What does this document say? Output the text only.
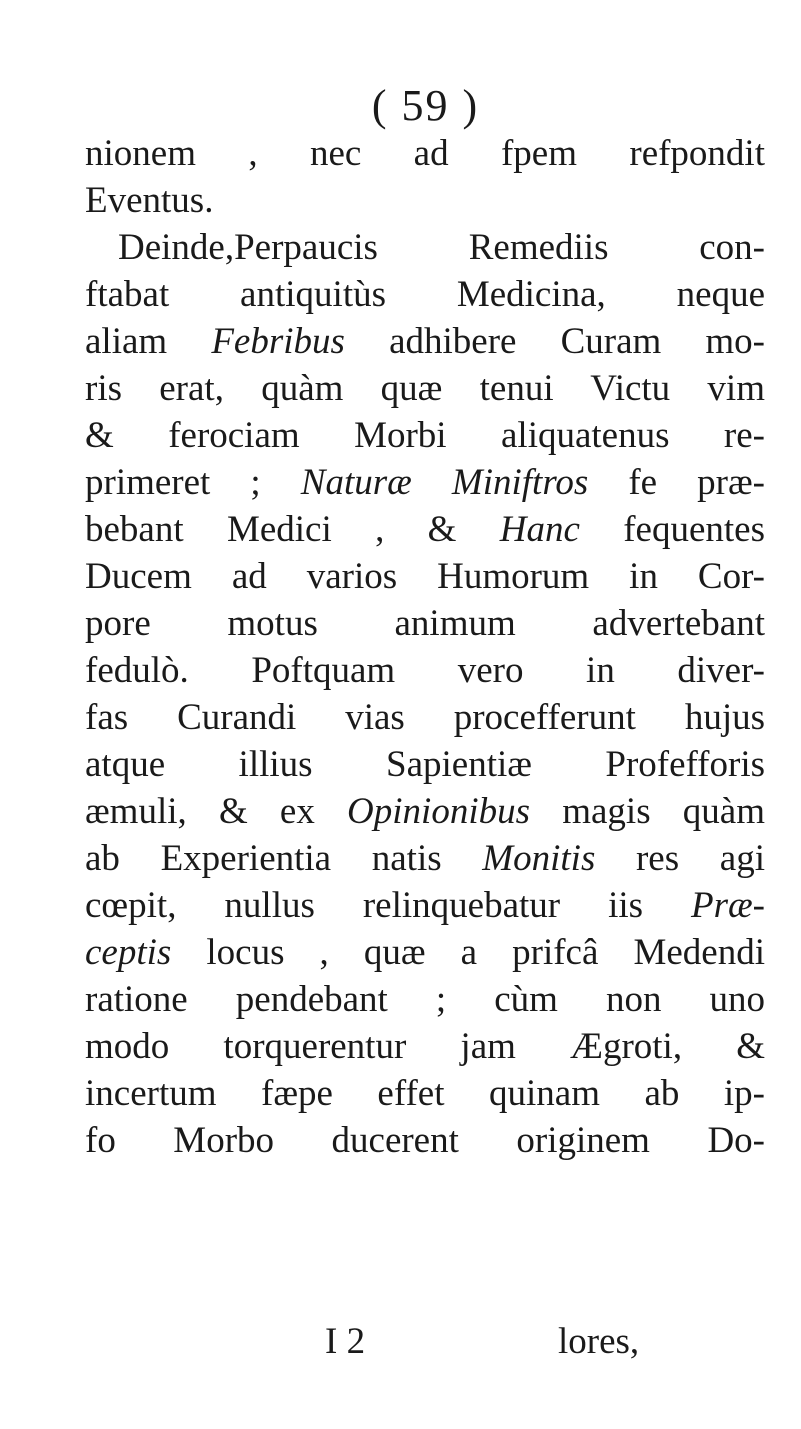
( 59 )
nionem , nec ad fpem refpondit
Eventus.
Deinde,Perpaucis Remediis con-
ftabat antiquitùs Medicina, neque
aliam Febribus adhibere Curam mo-
ris erat, quàm quæ tenui Victu vim
& ferociam Morbi aliquatenus re-
primeret ; Naturæ Miniftros fe præ-
bebant Medici , & Hanc fequentes
Ducem ad varios Humorum in Cor-
pore motus animum advertebant
fedulò. Poftquam vero in diver-
fas Curandi vias procefferunt hujus
atque illius Sapientiæ Profefforis
æmuli, & ex Opinionibus magis quàm
ab Experientia natis Monitis res agi
cœpit, nullus relinquebatur iis Præ-
ceptis locus , quæ a prifcâ Medendi
ratione pendebant ; cùm non uno
modo torquerentur jam Ægroti, &
incertum fæpe effet quinam ab ip-
fo Morbo ducerent originem Do-
I 2	lores,
